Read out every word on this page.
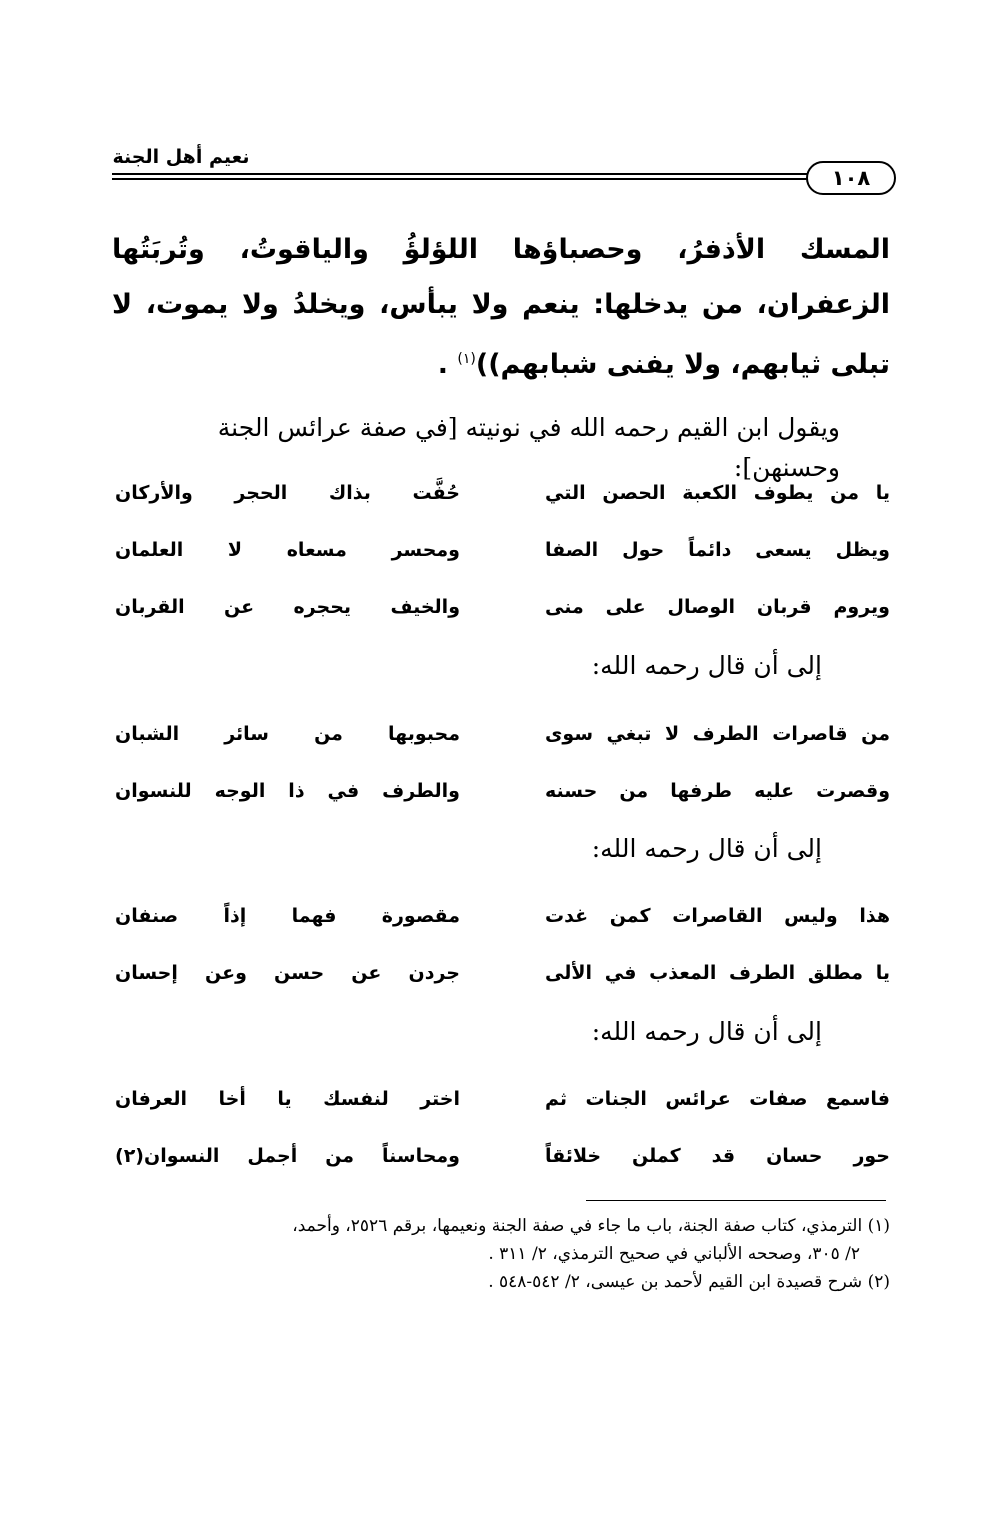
نعيم أهل الجنة
١٠٨

المسك الأذفرُ، وحصباؤها اللؤلؤُ والياقوتُ، وتُربَتُها الزعفران، من يدخلها: ينعم ولا يبأس، ويخلدُ ولا يموت، لا تبلى ثيابهم، ولا يفنى شبابهم))$^{(١)}$ .

ويقول ابن القيم رحمه الله في نونيته [في صفة عرائس الجنة وحسنهن]:

يا من يطوف الكعبة الحصن التي
حُفَّت بذاك الحجر والأركان
ويظل يسعى دائماً حول الصفا
ومحسر مسعاه لا العلمان
ويروم قربان الوصال على منى
والخيف يحجره عن القربان

إلى أن قال رحمه الله:

من قاصرات الطرف لا تبغي سوى
محبوبها من سائر الشبان
وقصرت عليه طرفها من حسنه
والطرف في ذا الوجه للنسوان

إلى أن قال رحمه الله:

هذا وليس القاصرات كمن غدت
مقصورة فهما إذاً صنفان
يا مطلق الطرف المعذب في الألى
جردن عن حسن وعن إحسان

إلى أن قال رحمه الله:

فاسمع صفات عرائس الجنات ثم
اختر لنفسك يا أخا العرفان
حور حسان قد كملن خلائقاً
ومحاسناً من أجمل النسوان(٢)
(١) الترمذي، كتاب صفة الجنة، باب ما جاء في صفة الجنة ونعيمها، برقم ٢٥٢٦، وأحمد،
٢/ ٣٠٥، وصححه الألباني في صحيح الترمذي، ٢/ ٣١١ .
(٢) شرح قصيدة ابن القيم لأحمد بن عيسى، ٢/ ٥٤٢-٥٤٨ .
